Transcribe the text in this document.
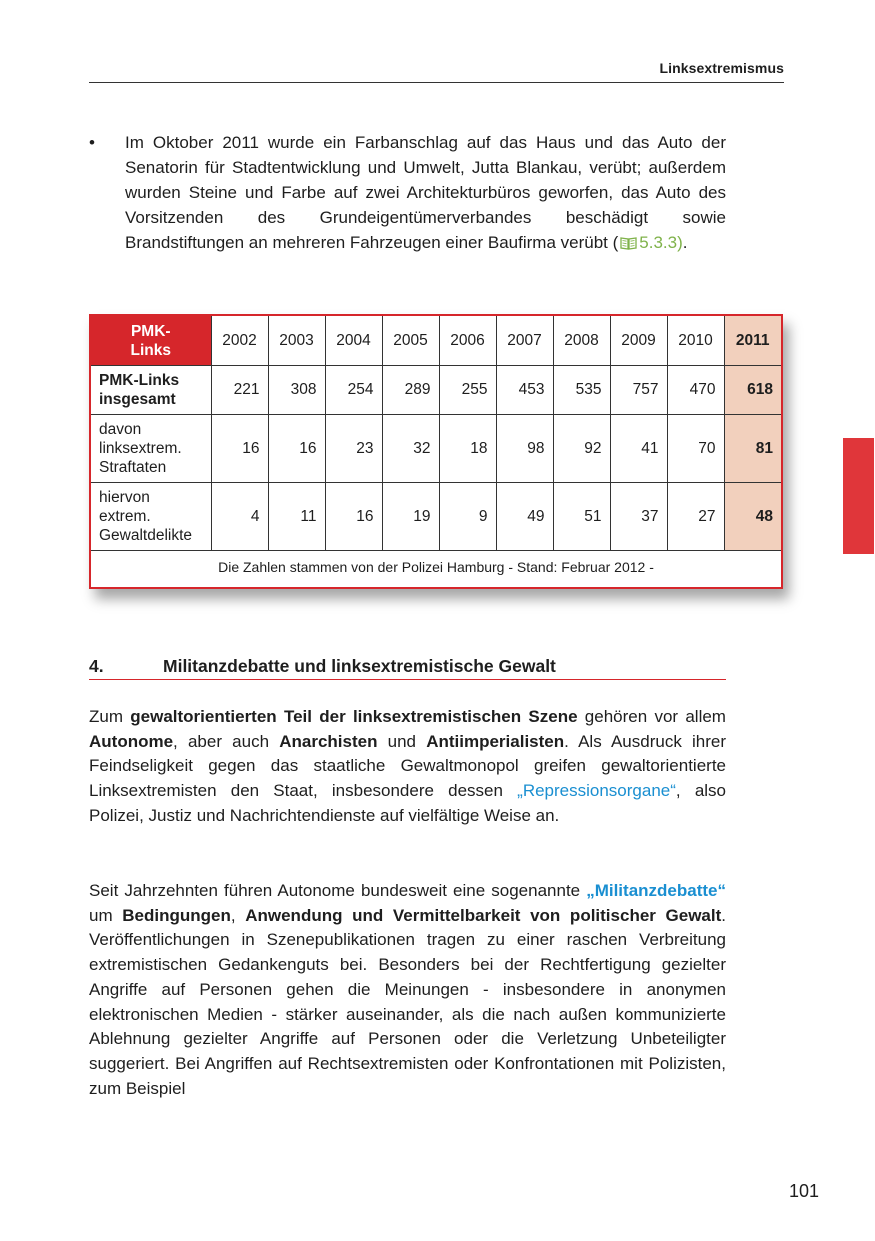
Linksextremismus
• Im Oktober 2011 wurde ein Farbanschlag auf das Haus und das Auto der Senatorin für Stadtentwicklung und Umwelt, Jutta Blankau, verübt; außerdem wurden Steine und Farbe auf zwei Architekturbüros geworfen, das Auto des Vorsitzenden des Grundeigentümerverbandes beschädigt sowie Brandstiftungen an mehreren Fahrzeugen einer Baufirma verübt ( 5.3.3).
PMK-
Links	2002	2003	2004	2005	2006	2007	2008	2009	2010	2011
PMK-Links
insgesamt	221	308	254	289	255	453	535	757	470	618
davon
linksextrem.
Straftaten	16	16	23	32	18	98	92	41	70	81
hiervon
extrem.
Gewaltdelikte	4	11	16	19	9	49	51	37	27	48
Die Zahlen stammen von der Polizei Hamburg - Stand: Februar 2012 -
4.	Militanzdebatte und linksextremistische Gewalt
Zum gewaltorientierten Teil der linksextremistischen Szene gehören vor allem Autonome, aber auch Anarchisten und Antiimperialisten. Als Ausdruck ihrer Feindseligkeit gegen das staatliche Gewaltmonopol greifen gewaltorientierte Linksextremisten den Staat, insbesondere dessen „Repressionsorgane“, also Polizei, Justiz und Nachrichtendienste auf vielfältige Weise an.
Seit Jahrzehnten führen Autonome bundesweit eine sogenannte „Militanzdebatte“ um Bedingungen, Anwendung und Vermittelbarkeit von politischer Gewalt. Veröffentlichungen in Szenepublikationen tragen zu einer raschen Verbreitung extremistischen Gedankenguts bei. Besonders bei der Rechtfertigung gezielter Angriffe auf Personen gehen die Meinungen - insbesondere in anonymen elektronischen Medien - stärker auseinander, als die nach außen kommunizierte Ablehnung gezielter Angriffe auf Personen oder die Verletzung Unbeteiligter suggeriert. Bei Angriffen auf Rechtsextremisten oder Konfrontationen mit Polizisten, zum Beispiel
101
